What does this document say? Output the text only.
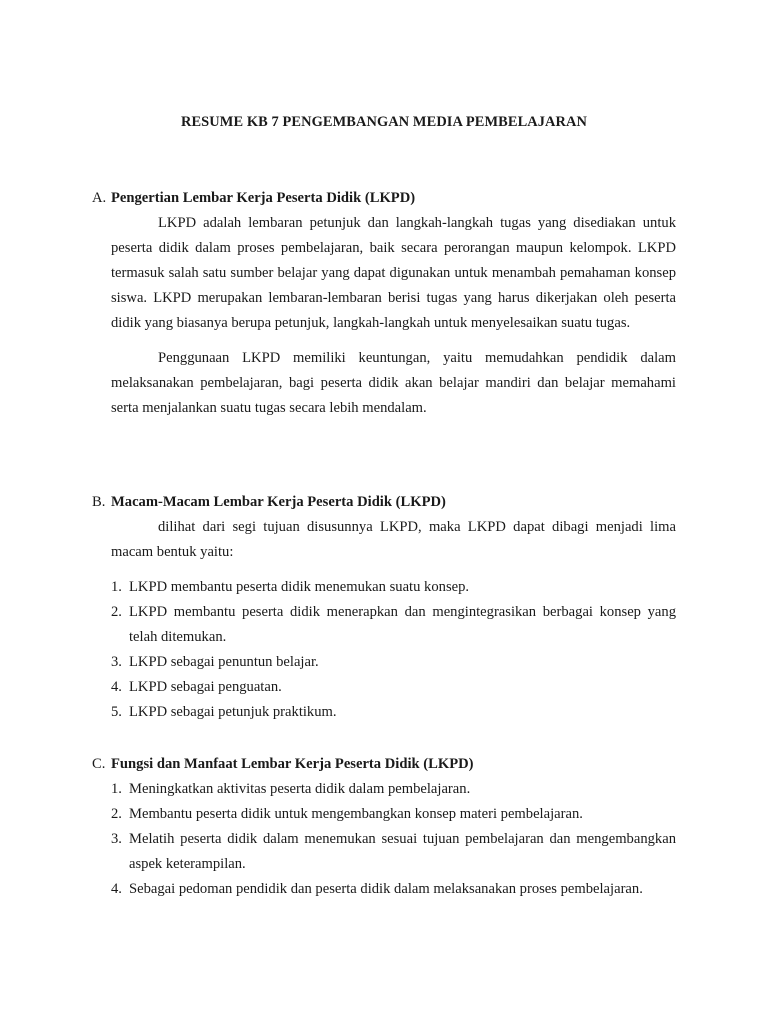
RESUME KB 7 PENGEMBANGAN MEDIA PEMBELAJARAN

A. Pengertian Lembar Kerja Peserta Didik (LKPD)

LKPD adalah lembaran petunjuk dan langkah-langkah tugas yang disediakan untuk peserta didik dalam proses pembelajaran, baik secara perorangan maupun kelompok. LKPD termasuk salah satu sumber belajar yang dapat digunakan untuk menambah pemahaman konsep siswa. LKPD merupakan lembaran-lembaran berisi tugas yang harus dikerjakan oleh peserta didik yang biasanya berupa petunjuk, langkah-langkah untuk menyelesaikan suatu tugas.

Penggunaan LKPD memiliki keuntungan, yaitu memudahkan pendidik dalam melaksanakan pembelajaran, bagi peserta didik akan belajar mandiri dan belajar memahami serta menjalankan suatu tugas secara lebih mendalam.

B. Macam-Macam Lembar Kerja Peserta Didik (LKPD)

dilihat dari segi tujuan disusunnya LKPD, maka LKPD dapat dibagi menjadi lima macam bentuk yaitu:

1. LKPD membantu peserta didik menemukan suatu konsep.
2. LKPD membantu peserta didik menerapkan dan mengintegrasikan berbagai konsep yang telah ditemukan.
3. LKPD sebagai penuntun belajar.
4. LKPD sebagai penguatan.
5. LKPD sebagai petunjuk praktikum.

C. Fungsi dan Manfaat Lembar Kerja Peserta Didik (LKPD)

1. Meningkatkan aktivitas peserta didik dalam pembelajaran.
2. Membantu peserta didik untuk mengembangkan konsep materi pembelajaran.
3. Melatih peserta didik dalam menemukan sesuai tujuan pembelajaran dan mengembangkan aspek keterampilan.
4. Sebagai pedoman pendidik dan peserta didik dalam melaksanakan proses pembelajaran.
